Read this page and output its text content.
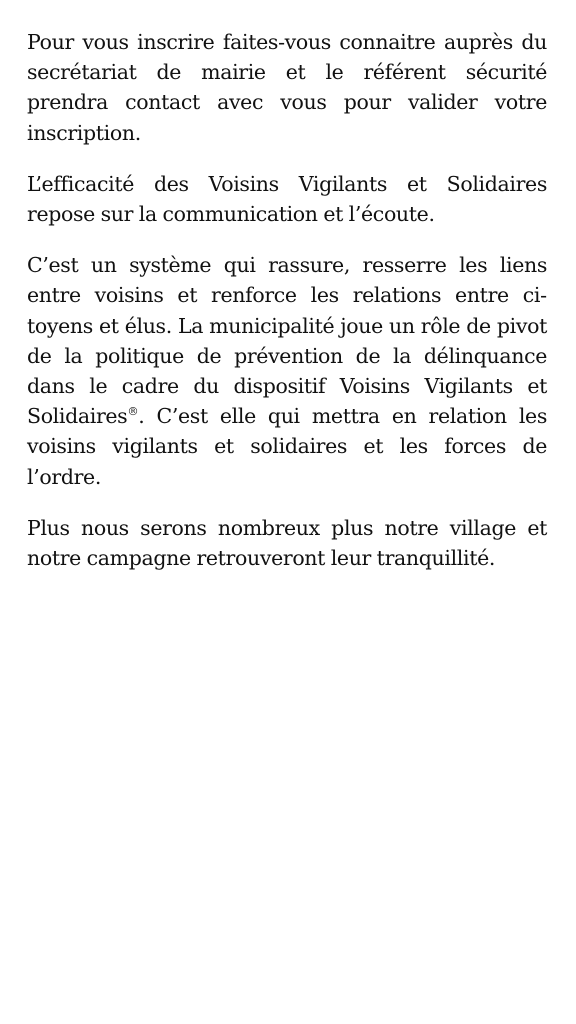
Pour vous inscrire faites-vous connaitre auprès du secrétariat de mairie et le référent sécurité prendra contact avec vous pour valider votre inscription.

L’efficacité des Voisins Vigilants et Solidaires repose sur la communication et l’écoute.

C’est un système qui rassure, resserre les liens entre voisins et renforce les relations entre citoyens et élus. La municipalité joue un rôle de pivot de la politique de prévention de la délinquance dans le cadre du dispositif Voisins Vigilants et Solidaires®. C’est elle qui mettra en relation les voisins vigilants et solidaires et les forces de l’ordre.

Plus nous serons nombreux plus notre village et notre campagne retrouveront leur tranquillité.
